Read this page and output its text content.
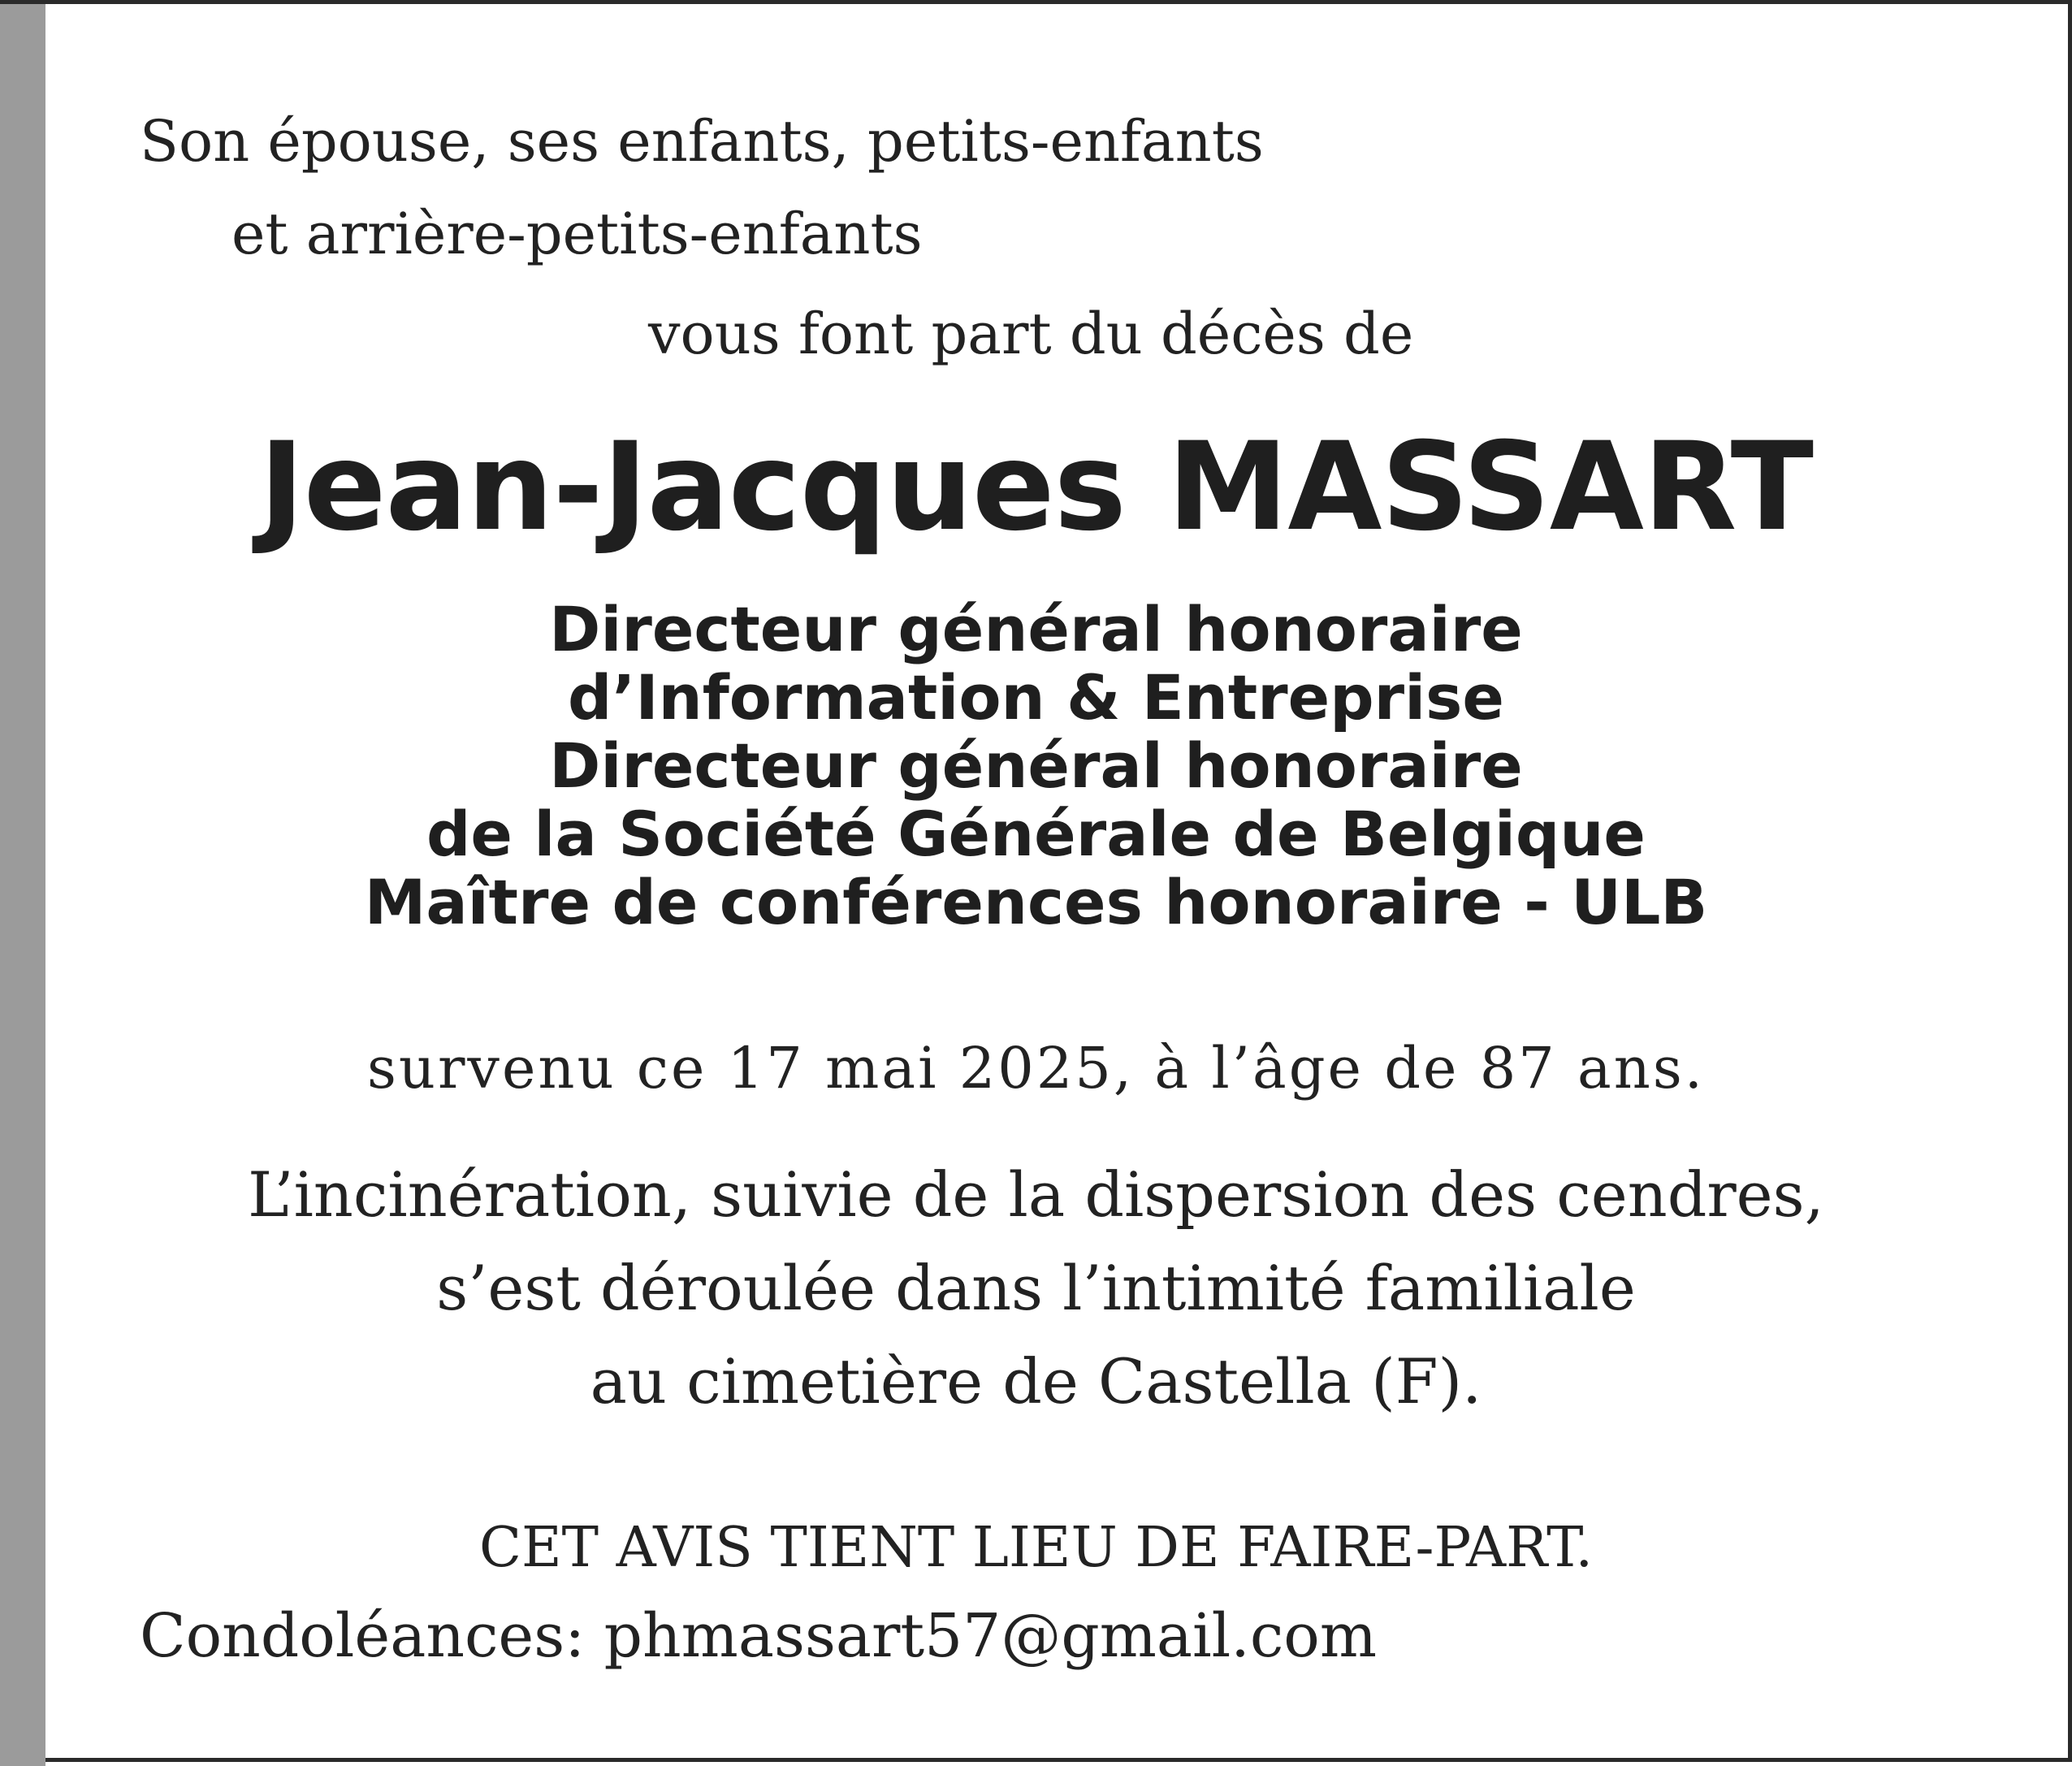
Son épouse, ses enfants, petits-enfants
et arrière-petits-enfants
vous font part du décès de
Jean-Jacques MASSART
Directeur général honoraire
d’Information & Entreprise
Directeur général honoraire
de la Société Générale de Belgique
Maître de conférences honoraire - ULB
survenu ce 17 mai 2025, à l’âge de 87 ans.
L’incinération, suivie de la dispersion des cendres,
s’est déroulée dans l’intimité familiale
au cimetière de Castella (F).
CET AVIS TIENT LIEU DE FAIRE-PART.
Condoléances: phmassart57@gmail.com
